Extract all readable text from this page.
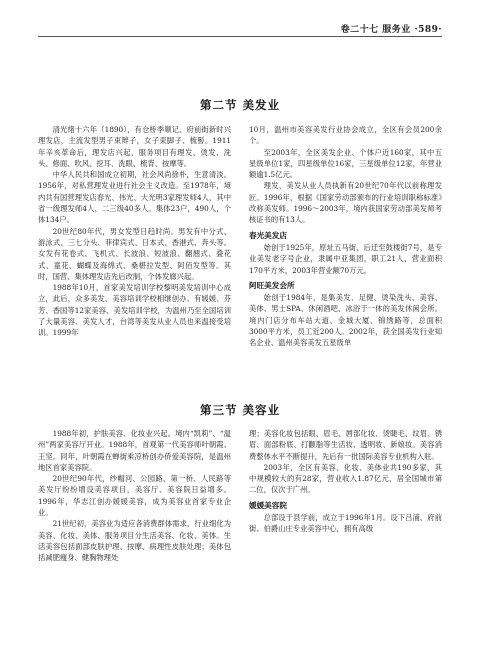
卷二十七 服务业 ·589·
第二节 美发业

清光绪十六年（1890），有仓桥季顺记、府前街新时兴理发店，主流发型男子束辫子，女子束脚子、梳髻。1911年辛亥革命后，理发店兴起，服务项目有理发、烫发、洗头、修面、吹风、挖耳、洗眼、梳背、按摩等。

中华人民共和国成立初期，社会风尚徐朴，生意清淡。1956年，对私营理发业进行社会主义改造。至1978年，境内共有国营理发店春光、伟光、大光明3家理发师4人，其中省一级理发师4人，二三级40多人。集体23户，490人，个体134户。

20世纪80年代，男女发型日趋时尚。男发有中分式、游泳式、三七分头、菲律宾式、日本式、香港式、奔头等。女发有花卷式、飞机式、长波浪、短波浪、翻翘式、叠花式、童花、蝴蝶及海绵式、桑椹拉发型、阿佰发型等。其时，国营、集体理发店先后改制，个体发廊兴起。

1988年10月，首家美发培训学校黎明美发培训中心成立，此后，众多美发、美容培训学校相继创办。有媛媛、芬芳、香国等12家美容、美发培训学校，为温州乃至全国培训了大量美容、美发人才，台湾等美发从业人员也来温接受培训。1999年

10月，温州市美容美发行业协会成立，全区有会员200余个。

至2003年，全区美发企业、个体户近160家，其中五星级单位1家，四星级单位16家，三星级单位12家，年营业额逾1.5亿元。

理发、美发从业人员执新有20世纪70年代以前称理发匠。1996年，根据《国家劳动部颁布的行业培训职称标准》改称美发师。1996～2003年，境内获国家劳动部美发师考核证书的有13人。

春光美发店

始创于1925年，原址五马街，后迁至鼓楼街7号，是专业美发老字号企业，隶属中亚集团，职工21人，营业面积170平方米，2003年营业额70万元。

阿旺美发会所

始创于1984年，是集美发、足健、烫染洗头、美容、美体、男士SPA、休闲酒吧、冰浴于一体的美发休闲会所。境内门店分布车站大道、金城大厦、锦绣路等，总面积3000平方米，员工近200人。2002年，获全国美发行业知名企业、温州美容美发五星级单

第三节 美容业

1988年初，护肤美容、化妆业兴起。境内“凯莉”、“温州”两家美容厅开业。1988年，首观第一代美容师叶朝霞、王坚。同年，叶朝霞在蝉街乘凉桥创办侨爱美容院，是温州地区首家美容院。

20世纪90年代，纱帽河、公园路、第一桥、人民路等美发厅纷纷增设美容项目，美容厅、美容院日益增多。1996年，华志江创办媛媛美容，成为美容业首家专业企业。

21世纪初，美容业为适应各消费群体需求，行业细化为美容、化妆、美体、服务项目分生活美容、化妆、美体。生活美容包括面部皮肤护理、按摩、病理性皮肤处理；美体包括减肥瘦身、健胸物理处

理；美容化妆包括眼、眉毛、唇部化妆、烫睫毛、纹眉、锈眉、面部粉底、打颧脂等生活妆、透明妆、新娘妆。美容消费整体水平不断提升，先后有一批国际美容专业机构入驻。

2003年，全区有美容、化妆、美体业共190多家，其中规模较大的有28家，营业收入1.87亿元，居全国城市第二位，仅次于广州。

媛媛美容院

总部设于县学前，成立于1996年1月。设下吕浦、府前街、伯爵山庄专业美容中心，拥有高级
